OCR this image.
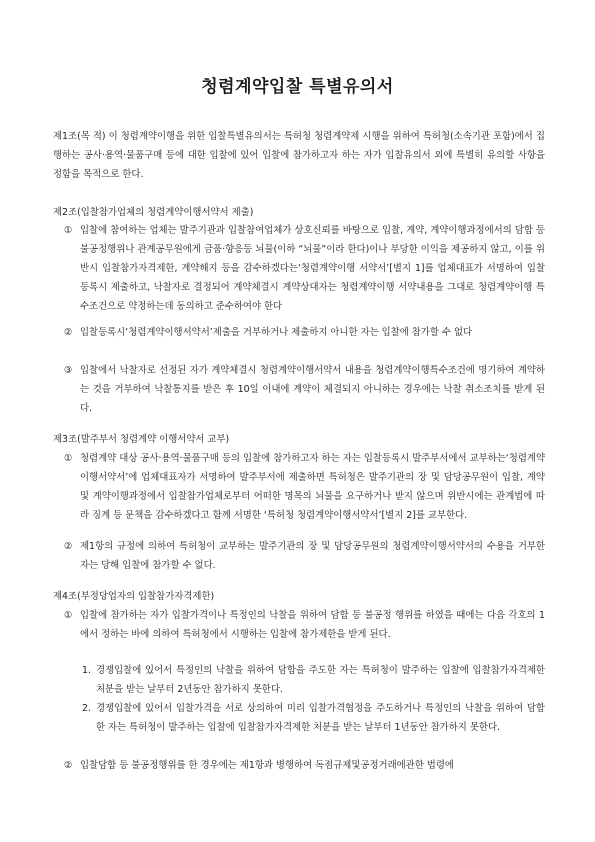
청렴계약입찰 특별유의서
제1조(목 적) 이 청렴계약이행을 위한 입찰특별유의서는 특허청 청렴계약제 시행을 위하여 특허청(소속기관 포함)에서 집행하는 공사·용역·물품구매 등에 대한 입찰에 있어 입찰에 참가하고자 하는 자가 입찰유의서 외에 특별히 유의할 사항을 정함을 목적으로 한다.
제2조(입찰참가업체의 청렴계약이행서약서 제출)
① 입찰에 참여하는 업체는 발주기관과 입찰참여업체가 상호신뢰를 바탕으로 입찰, 계약, 계약이행과정에서의 담합 등 불공정행위나 관계공무원에게 금품·향응등 뇌물(이하 “뇌물”이라 한다)이나 부당한 이익을 제공하지 않고, 이를 위반시 입찰참가자격제한, 계약해지 등을 감수하겠다는‘청렴계약이행 서약서’[별지 1]를 업체대표가 서명하여 입찰등록시 제출하고, 낙찰자로 결정되어 계약체결시 계약상대자는 청렴계약이행 서약내용을 그대로 청렴계약이행 특수조건으로 약정하는데 동의하고 준수하여야 한다
② 입찰등록시‘청렴계약이행서약서’제출을 거부하거나 제출하지 아니한 자는 입찰에 참가할 수 없다
③ 입찰에서 낙찰자로 선정된 자가 계약체결시 청렴계약이행서약서 내용을 청렴계약이행특수조건에 명기하여 계약하는 것을 거부하여 낙찰통지를 받은 후 10일 이내에 계약이 체결되지 아니하는 경우에는 낙찰 취소조치를 받게 된다.
제3조(발주부서 청렴계약 이행서약서 교부)
① 청렴계약 대상 공사·용역·물품구매 등의 입찰에 참가하고자 하는 자는 입찰등록시 발주부서에서 교부하는‘청렴계약이행서약서’에 업체대표자가 서명하여 발주부서에 제출하면 특허청은 발주기관의 장 및 담당공무원이 입찰, 계약 및 계약이행과정에서 입찰참가업체로부터 어떠한 명목의 뇌물을 요구하거나 받지 않으며 위반시에는 관계법에 따라 징계 등 문책을 감수하겠다고 함께 서명한 ‘특허청 청렴계약이행서약서’[별지 2]를 교부한다.
② 제1항의 규정에 의하여 특허청이 교부하는 발주기관의 장 및 담당공무원의 청렴계약이행서약서의 수용을 거부한 자는 당해 입찰에 참가할 수 없다.
제4조(부정당업자의 입찰참가자격제한)
① 입찰에 참가하는 자가 입찰가격이나 특정인의 낙찰을 위하여 담합 등 불공정 행위를 하였을 때에는 다음 각호의 1에서 정하는 바에 의하여 특허청에서 시행하는 입찰에 참가제한을 받게 된다.
1. 경쟁입찰에 있어서 특정인의 낙찰을 위하여 담합을 주도한 자는 특허청이 발주하는 입찰에 입찰참가자격제한 처분을 받는 날부터 2년동안 참가하지 못한다.
2. 경쟁입찰에 있어서 입찰가격을 서로 상의하여 미리 입찰가격협정을 주도하거나 특정인의 낙찰을 위하여 담합한 자는 특허청이 발주하는 입찰에 입찰참가자격제한 처분을 받는 날부터 1년동안 참가하지 못한다.
② 입찰담합 등 불공정행위를 한 경우에는 제1항과 병행하여 독점규제및공정거래에관한 법령에
